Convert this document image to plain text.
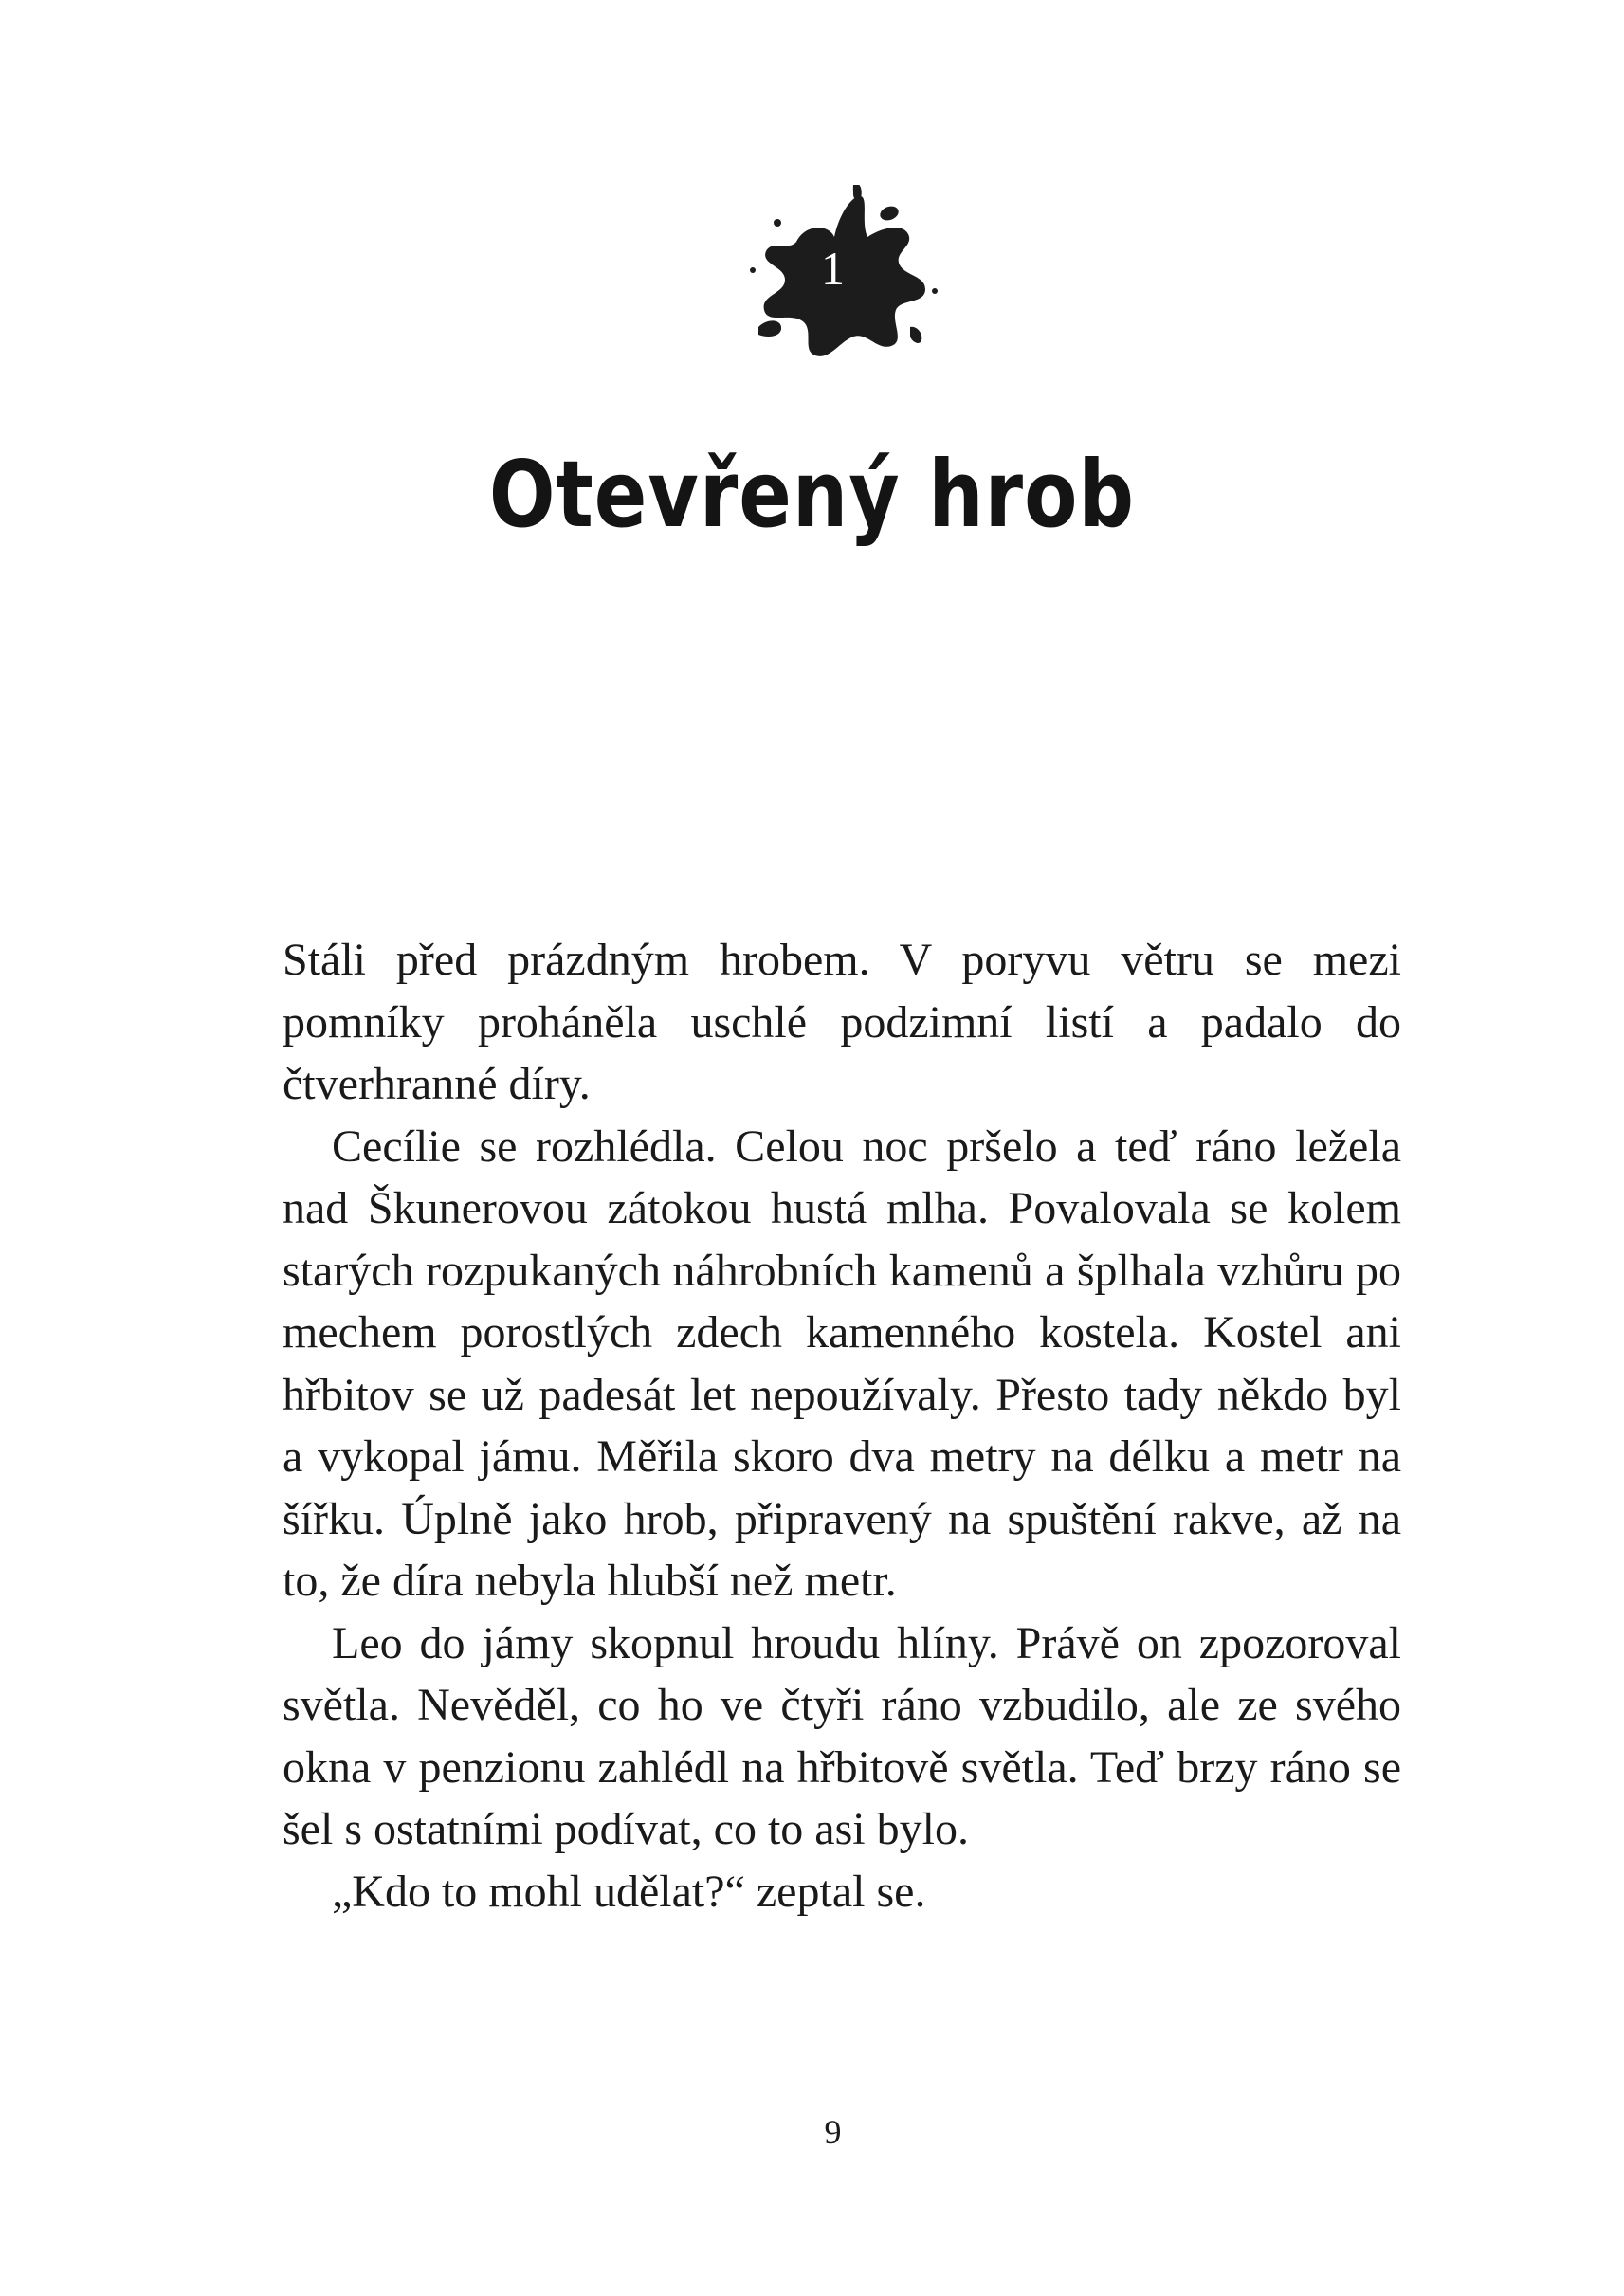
1
Otevřený hrob

Stáli před prázdným hrobem. V poryvu větru se mezi pomníky proháněla uschlé podzimní listí a padalo do čtverhranné díry.

Cecílie se rozhlédla. Celou noc pršelo a teď ráno ležela nad Škunerovou zátokou hustá mlha. Povalovala se kolem starých rozpukaných náhrobních kamenů a šplhala vzhůru po mechem porostlých zdech kamenného kostela. Kostel ani hřbitov se už padesát let nepoužívaly. Přesto tady někdo byl a vykopal jámu. Měřila skoro dva metry na délku a metr na šířku. Úplně jako hrob, připravený na spuštění rakve, až na to, že díra nebyla hlubší než metr.

Leo do jámy skopnul hroudu hlíny. Právě on zpozoroval světla. Nevěděl, co ho ve čtyři ráno vzbudilo, ale ze svého okna v penzionu zahlédl na hřbitově světla. Teď brzy ráno se šel s ostatními podívat, co to asi bylo.

„Kdo to mohl udělat?“ zeptal se.

9
